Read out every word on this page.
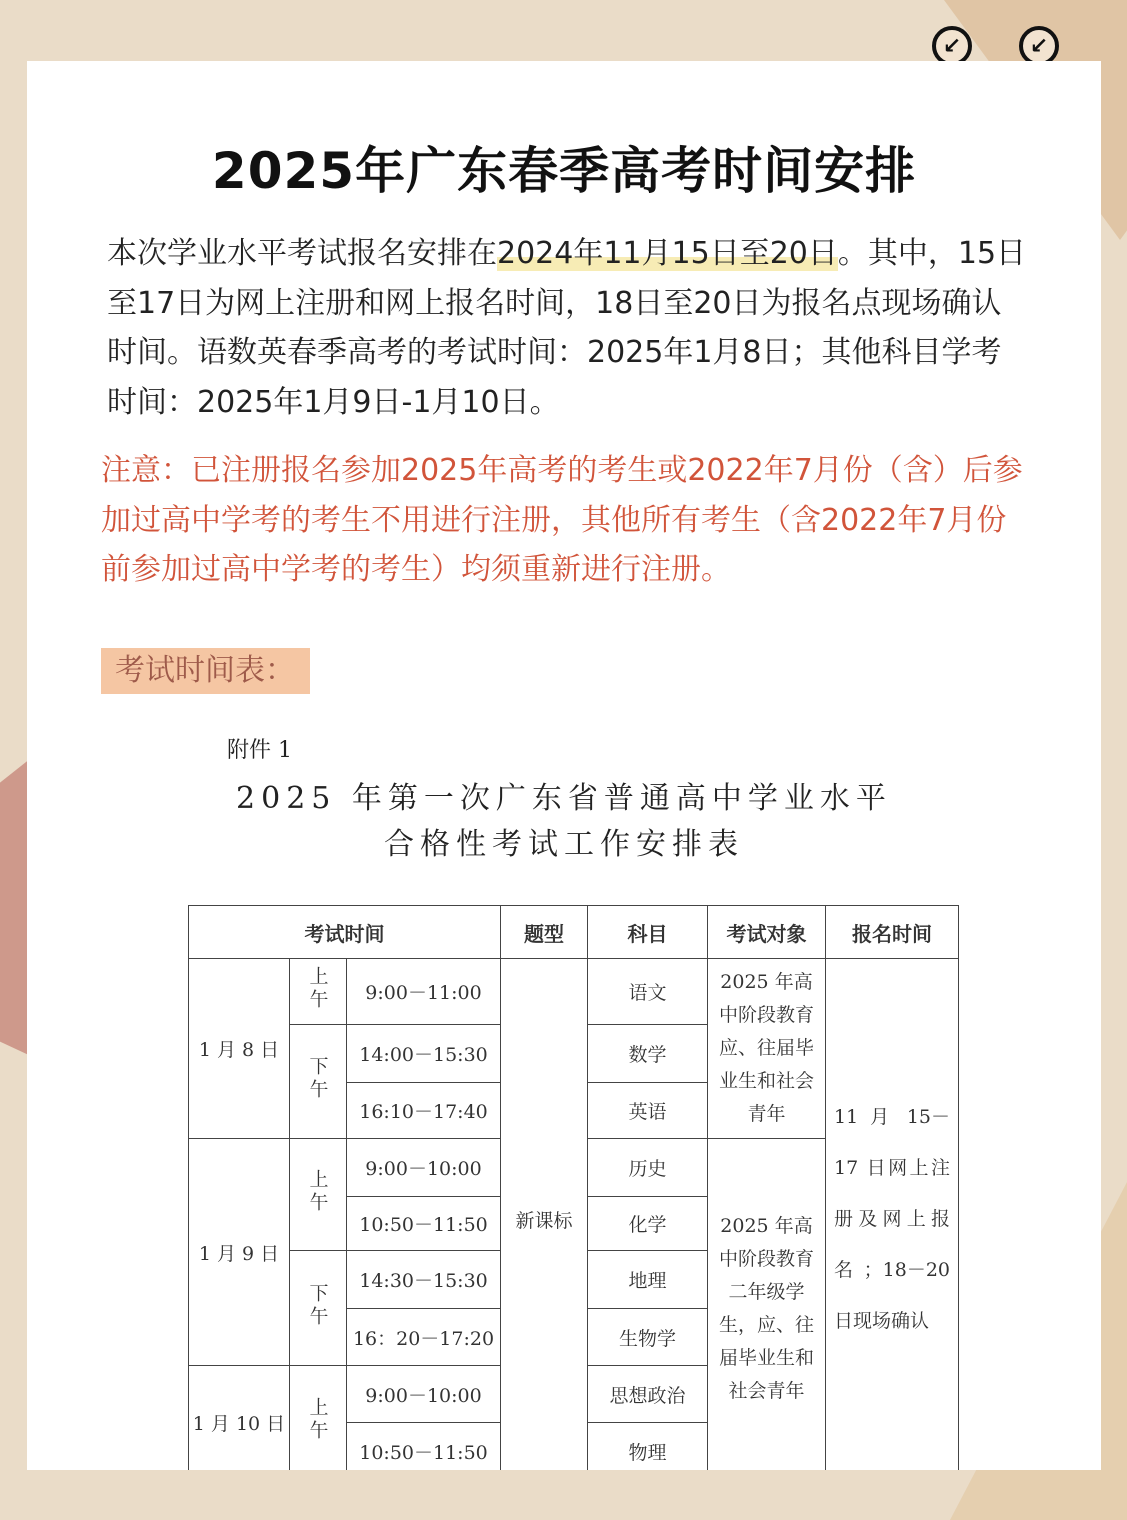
↙	↙
2025年广东春季高考时间安排
本次学业水平考试报名安排在2024年11月15日至20日。其中，15日至17日为网上注册和网上报名时间，18日至20日为报名点现场确认时间。语数英春季高考的考试时间：2025年1月8日；其他科目学考时间：2025年1月9日-1月10日。
注意：已注册报名参加2025年高考的考生或2022年7月份（含）后参加过高中学考的考生不用进行注册，其他所有考生（含2022年7月份前参加过高中学考的考生）均须重新进行注册。
考试时间表：
附件 1
2025 年第一次广东省普通高中学业水平
合格性考试工作安排表
考试时间			题型	科目	考试对象	报名时间
1 月 8 日	上午	9:00－11:00	新课标	语文	2025 年高中阶段教育应、往届毕业生和社会青年	11 月 15－17 日网上注册及网上报名；18－20 日现场确认
	下午	14:00－15:30		数学		
		16:10－17:40		英语		
1 月 9 日	上午	9:00－10:00		历史	2025 年高中阶段教育二年级学生，应、往届毕业生和社会青年	
		10:50－11:50		化学		
	下午	14:30－15:30		地理		
		16：20－17:20		生物学		
1 月 10 日	上午	9:00－10:00		思想政治		
		10:50－11:50		物理		
